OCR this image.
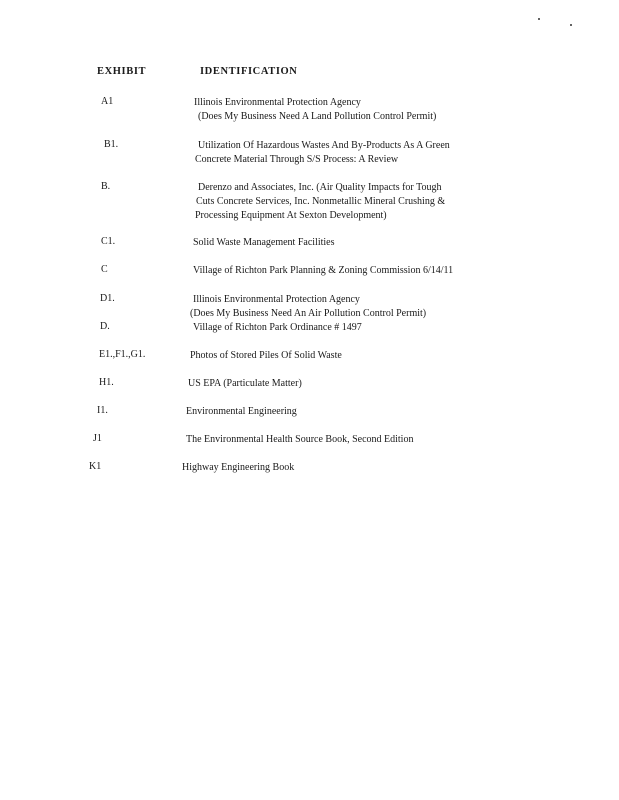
EXHIBIT	IDENTIFICATION
A1	Illinois Environmental Protection Agency
(Does My Business Need A Land Pollution Control Permit)
B1.	Utilization Of Hazardous Wastes And By-Products As A Green
Concrete Material Through S/S Process: A Review
B.	Derenzo and Associates, Inc. (Air Quality Impacts for Tough
Cuts Concrete Services, Inc. Nonmetallic Mineral Crushing &
Processing Equipment At Sexton Development)
C1.	Solid Waste Management Facilities
C	Village of Richton Park Planning & Zoning Commission 6/14/11
D1.	Illinois Environmental Protection Agency
(Does My Business Need An Air Pollution Control Permit)
D.	Village of Richton Park Ordinance # 1497
E1.,F1.,G1.	Photos of Stored Piles Of Solid Waste
H1.	US EPA (Particulate Matter)
I1.	Environmental Engineering
J1	The Environmental Health Source Book, Second Edition
K1	Highway Engineering Book
